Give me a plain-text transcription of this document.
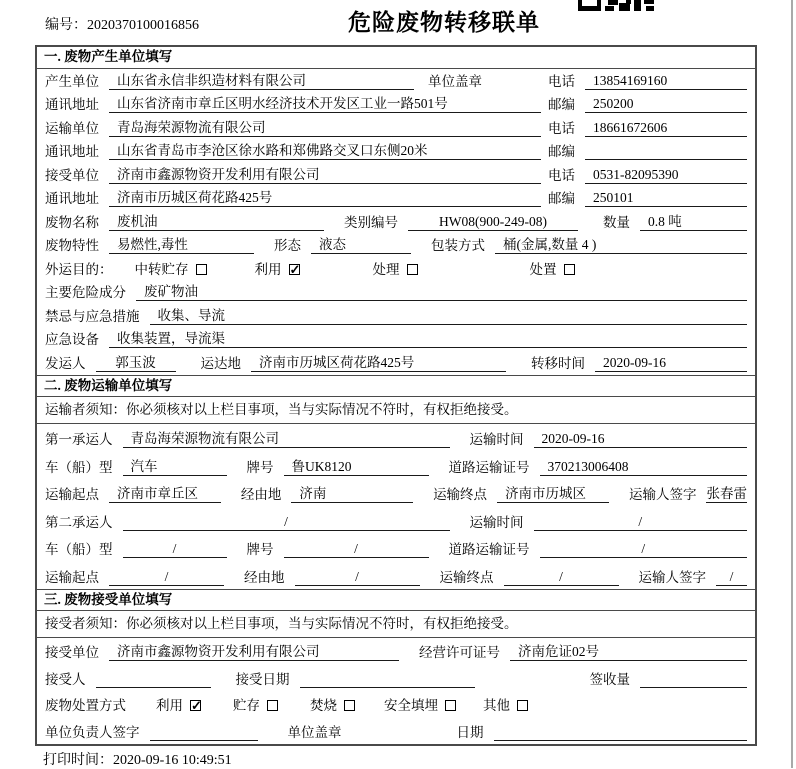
编号：2020370100016856	危险废物转移联单
一. 废物产生单位填写
产生单位	山东省永信非织造材料有限公司	单位盖章	电话	13854169160
通讯地址	山东省济南市章丘区明水经济技术开发区工业一路501号	邮编	250200
运输单位	青岛海荣源物流有限公司	电话	18661672606
通讯地址	山东省青岛市李沧区徐水路和郑佛路交叉口东侧20米	邮编
接受单位	济南市鑫源物资开发利用有限公司	电话	0531-82095390
通讯地址	济南市历城区荷花路425号	邮编	250101
废物名称	废机油	类别编号	HW08(900-249-08)	数量	0.8 吨
废物特性	易燃性,毒性	形态	液态	包装方式	桶(金属,数量 4 )
外运目的： 中转贮存	利用 ✓	处理	处置
主要危险成分	废矿物油
禁忌与应急措施	收集、导流
应急设备	收集装置，导流渠
发运人	郭玉波	运达地	济南市历城区荷花路425号	转移时间	2020-09-16
二. 废物运输单位填写
运输者须知：你必须核对以上栏目事项，当与实际情况不符时，有权拒绝接受。
第一承运人	青岛海荣源物流有限公司	运输时间	2020-09-16
车（船）型	汽车	牌号	鲁UK8120	道路运输证号	370213006408
运输起点	济南市章丘区	经由地	济南	运输终点	济南市历城区	运输人签字 张春雷
第二承运人	/	运输时间	/
车（船）型	/	牌号	/	道路运输证号	/
运输起点	/	经由地	/	运输终点	/	运输人签字	/
三. 废物接受单位填写
接受者须知：你必须核对以上栏目事项，当与实际情况不符时，有权拒绝接受。
接受单位	济南市鑫源物资开发利用有限公司	经营许可证号	济南危证02号
接受人	接受日期	签收量
废物处置方式 利用 ✓	贮存	焚烧	安全填埋	其他
单位负责人签字	单位盖章	日期
打印时间：2020-09-16 10:49:51
